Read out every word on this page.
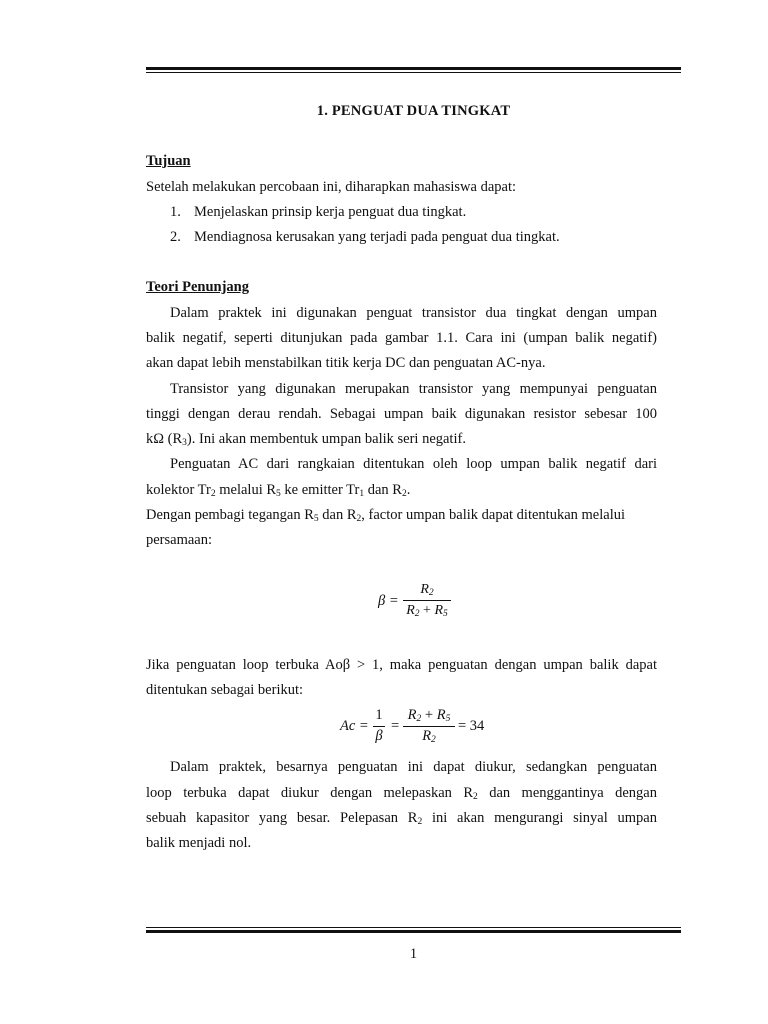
1. PENGUAT DUA TINGKAT
Tujuan
Setelah melakukan percobaan ini, diharapkan mahasiswa dapat:
1. Menjelaskan prinsip kerja penguat dua tingkat.
2. Mendiagnosa kerusakan yang terjadi pada penguat dua tingkat.
Teori Penunjang
Dalam praktek ini digunakan penguat transistor dua tingkat dengan umpan
balik negatif, seperti ditunjukan pada gambar 1.1. Cara ini (umpan balik negatif)
akan dapat lebih menstabilkan titik kerja DC dan penguatan AC-nya.
Transistor yang digunakan merupakan transistor yang mempunyai penguatan
tinggi dengan derau rendah. Sebagai umpan baik digunakan resistor sebesar 100
kΩ $(R_3)$. Ini akan membentuk umpan balik seri negatif.
Penguatan AC dari rangkaian ditentukan oleh loop umpan balik negatif dari
kolektor $Tr_2$ melalui $R_5$ ke emitter $Tr_1$ dan $R_2$.
Dengan pembagi tegangan $R_5$ dan $R_2$, factor umpan balik dapat ditentukan melalui
persamaan:
β =
$R_2$
$R_2 + R_5$
Jika penguatan loop terbuka Aoβ > 1, maka penguatan dengan umpan balik dapat
ditentukan sebagai berikut:
Ac =
1
β
=
$R_2 + R_5$
$R_2$
= 34
Dalam praktek, besarnya penguatan ini dapat diukur, sedangkan penguatan
loop terbuka dapat diukur dengan melepaskan $R_2$ dan menggantinya dengan
sebuah kapasitor yang besar. Pelepasan $R_2$ ini akan mengurangi sinyal umpan
balik menjadi nol.
1
